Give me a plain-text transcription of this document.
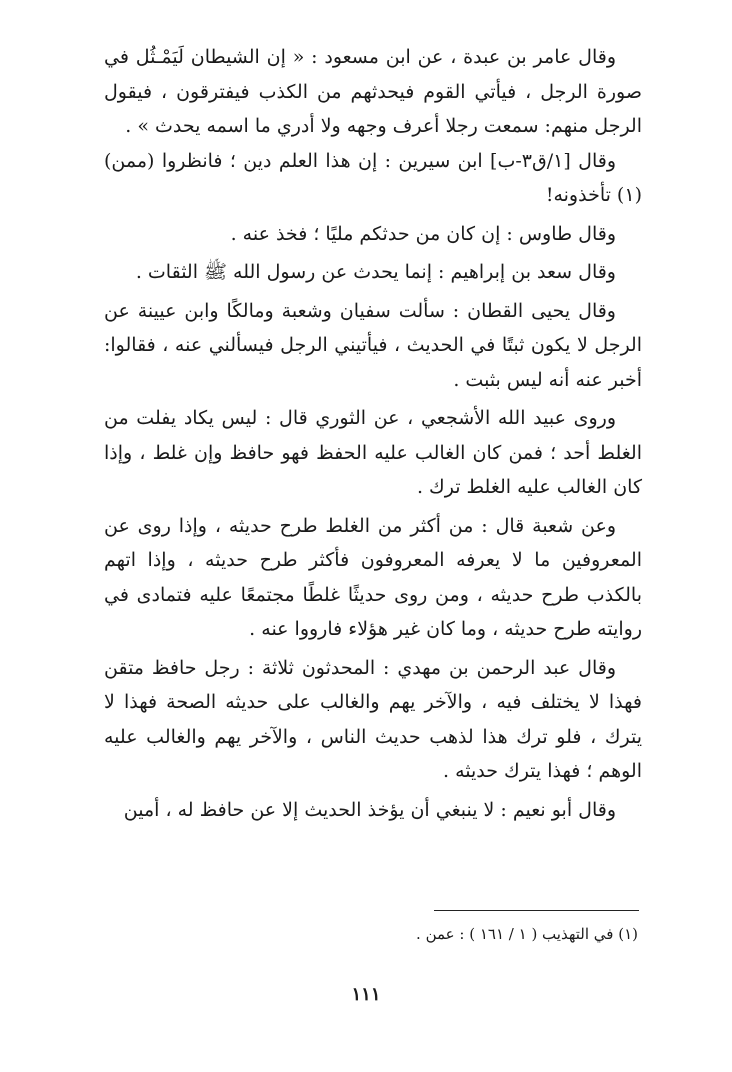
وقال عامر بن عبدة ، عن ابن مسعود : « إن الشيطان لَيَمْـثُل في صورة الرجل ، فيأتي القوم فيحدثهم من الكذب فيفترقون ، فيقول الرجل منهم: سمعت رجلا أعرف وجهه ولا أدري ما اسمه يحدث » .

وقال [١/ق٣-ب] ابن سيرين : إن هذا العلم دين ؛ فانظروا (ممن)(١) تأخذونه!

وقال طاوس : إن كان من حدثكم مليًا ؛ فخذ عنه .

وقال سعد بن إبراهيم : إنما يحدث عن رسول الله ﷺ الثقات .

وقال يحيى القطان : سألت سفيان وشعبة ومالكًا وابن عيينة عن الرجل لا يكون ثبتًا في الحديث ، فيأتيني الرجل فيسألني عنه ، فقالوا: أخبر عنه أنه ليس بثبت .

وروى عبيد الله الأشجعي ، عن الثوري قال : ليس يكاد يفلت من الغلط أحد ؛ فمن كان الغالب عليه الحفظ فهو حافظ وإن غلط ، وإذا كان الغالب عليه الغلط ترك .

وعن شعبة قال : من أكثر من الغلط طرح حديثه ، وإذا روى عن المعروفين ما لا يعرفه المعروفون فأكثر طرح حديثه ، وإذا اتهم بالكذب طرح حديثه ، ومن روى حديثًا غلطًا مجتمعًا عليه فتمادى في روايته طرح حديثه ، وما كان غير هؤلاء فارووا عنه .

وقال عبد الرحمن بن مهدي : المحدثون ثلاثة : رجل حافظ متقن فهذا لا يختلف فيه ، والآخر يهم والغالب على حديثه الصحة فهذا لا يترك ، فلو ترك هذا لذهب حديث الناس ، والآخر يهم والغالب عليه الوهم ؛ فهذا يترك حديثه .

وقال أبو نعيم : لا ينبغي أن يؤخذ الحديث إلا عن حافظ له ، أمين

(١) في التهذيب ( ١ / ١٦١ ) : عمن .
١١١
